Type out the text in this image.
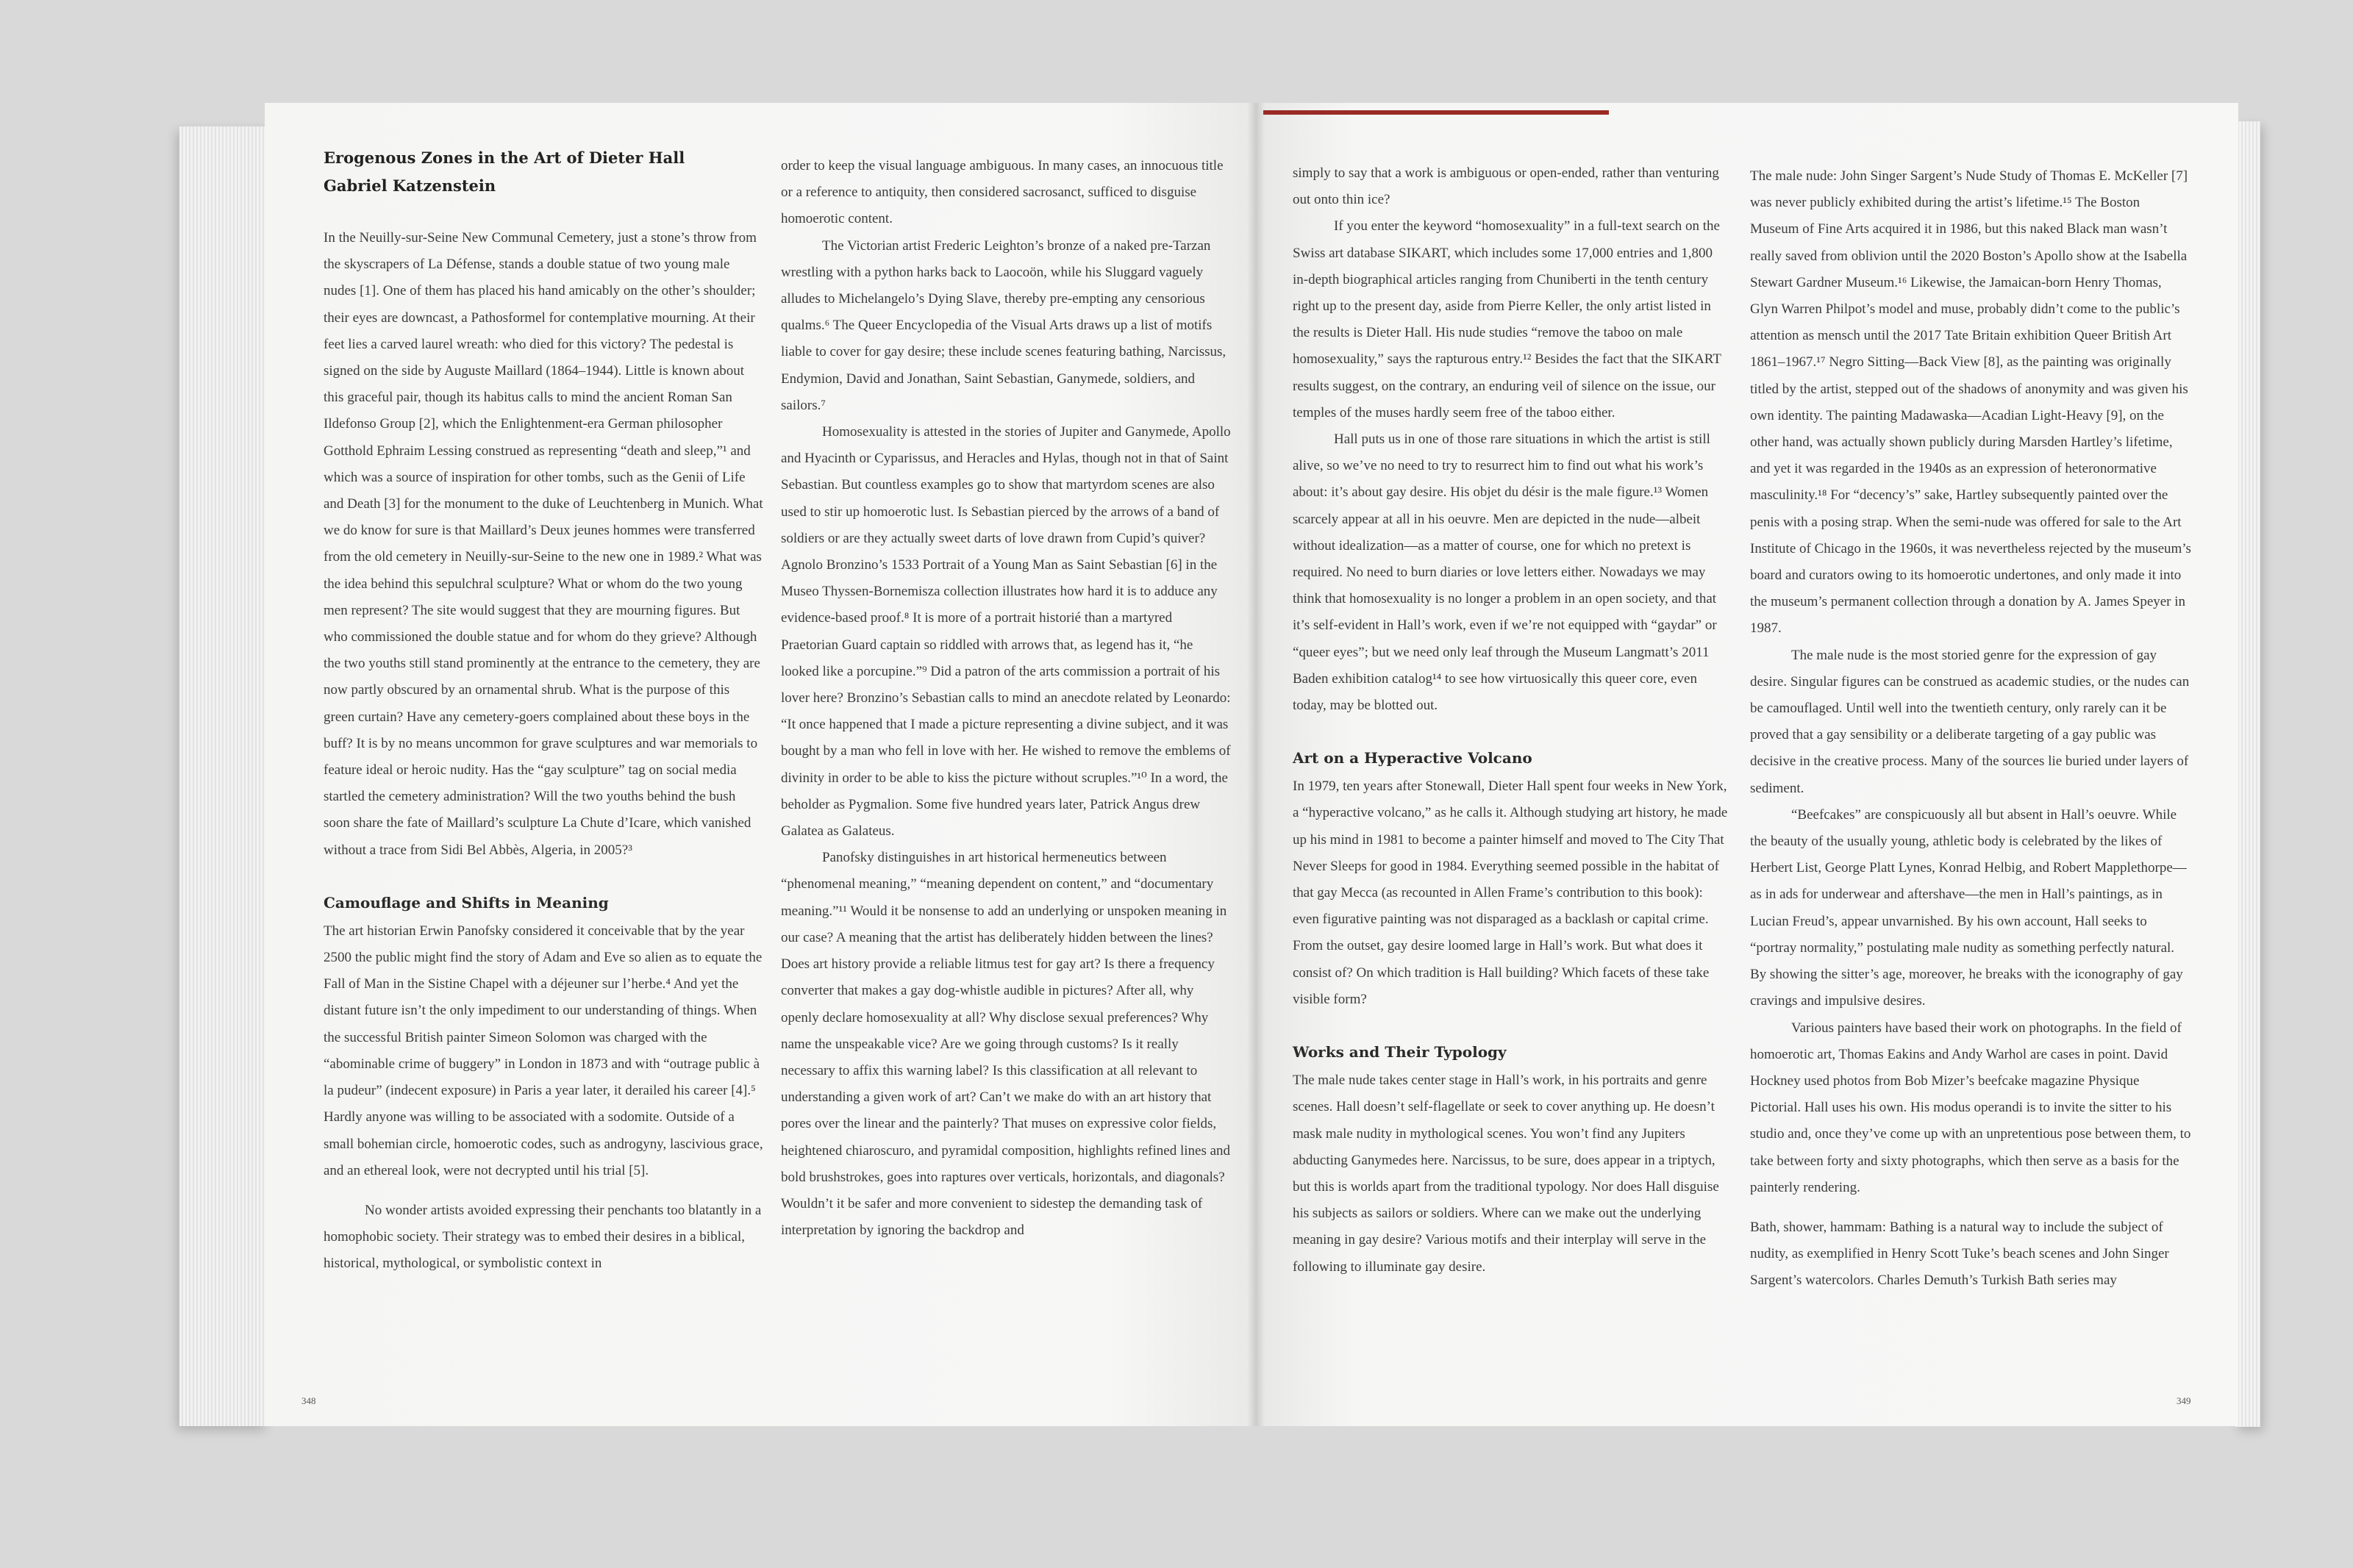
Erogenous Zones in the Art of Dieter Hall
Gabriel Katzenstein

In the Neuilly-sur-Seine New Communal Cemetery, just a stone’s throw from the skyscrapers of La Défense, stands a double statue of two young male nudes [1]. One of them has placed his hand amicably on the other’s shoulder; their eyes are downcast, a Pathosformel for contemplative mourning. At their feet lies a carved laurel wreath: who died for this victory? The pedestal is signed on the side by Auguste Maillard (1864–1944). Little is known about this graceful pair, though its habitus calls to mind the ancient Roman San Ildefonso Group [2], which the Enlightenment-era German philosopher Gotthold Ephraim Lessing construed as representing “death and sleep,”¹ and which was a source of inspiration for other tombs, such as the Genii of Life and Death [3] for the monument to the duke of Leuchtenberg in Munich. What we do know for sure is that Maillard’s Deux jeunes hommes were transferred from the old cemetery in Neuilly-sur-Seine to the new one in 1989.² What was the idea behind this sepulchral sculpture? What or whom do the two young men represent? The site would suggest that they are mourning figures. But who commissioned the double statue and for whom do they grieve? Although the two youths still stand prominently at the entrance to the cemetery, they are now partly obscured by an ornamental shrub. What is the purpose of this green curtain? Have any cemetery-goers complained about these boys in the buff? It is by no means uncommon for grave sculptures and war memorials to feature ideal or heroic nudity. Has the “gay sculpture” tag on social media startled the cemetery administration? Will the two youths behind the bush soon share the fate of Maillard’s sculpture La Chute d’Icare, which vanished without a trace from Sidi Bel Abbès, Algeria, in 2005?³

Camouflage and Shifts in Meaning

The art historian Erwin Panofsky considered it conceivable that by the year 2500 the public might find the story of Adam and Eve so alien as to equate the Fall of Man in the Sistine Chapel with a déjeuner sur l’herbe.⁴ And yet the distant future isn’t the only impediment to our understanding of things. When the successful British painter Simeon Solomon was charged with the “abominable crime of buggery” in London in 1873 and with “outrage public à la pudeur” (indecent exposure) in Paris a year later, it derailed his career [4].⁵ Hardly anyone was willing to be associated with a sodomite. Outside of a small bohemian circle, homoerotic codes, such as androgyny, lascivious grace, and an ethereal look, were not decrypted until his trial [5].

No wonder artists avoided expressing their penchants too blatantly in a homophobic society. Their strategy was to embed their desires in a biblical, historical, mythological, or symbolistic context in

order to keep the visual language ambiguous. In many cases, an innocuous title or a reference to antiquity, then considered sacrosanct, sufficed to disguise homoerotic content.

The Victorian artist Frederic Leighton’s bronze of a naked pre-Tarzan wrestling with a python harks back to Laocoön, while his Sluggard vaguely alludes to Michelangelo’s Dying Slave, thereby pre-empting any censorious qualms.⁶ The Queer Encyclopedia of the Visual Arts draws up a list of motifs liable to cover for gay desire; these include scenes featuring bathing, Narcissus, Endymion, David and Jonathan, Saint Sebastian, Ganymede, soldiers, and sailors.⁷

Homosexuality is attested in the stories of Jupiter and Ganymede, Apollo and Hyacinth or Cyparissus, and Heracles and Hylas, though not in that of Saint Sebastian. But countless examples go to show that martyrdom scenes are also used to stir up homoerotic lust. Is Sebastian pierced by the arrows of a band of soldiers or are they actually sweet darts of love drawn from Cupid’s quiver? Agnolo Bronzino’s 1533 Portrait of a Young Man as Saint Sebastian [6] in the Museo Thyssen-Bornemisza collection illustrates how hard it is to adduce any evidence-based proof.⁸ It is more of a portrait historié than a martyred Praetorian Guard captain so riddled with arrows that, as legend has it, “he looked like a porcupine.”⁹ Did a patron of the arts commission a portrait of his lover here? Bronzino’s Sebastian calls to mind an anecdote related by Leonardo: “It once happened that I made a picture representing a divine subject, and it was bought by a man who fell in love with her. He wished to remove the emblems of divinity in order to be able to kiss the picture without scruples.”¹⁰ In a word, the beholder as Pygmalion. Some five hundred years later, Patrick Angus drew Galatea as Galateus.

Panofsky distinguishes in art historical hermeneutics between “phenomenal meaning,” “meaning dependent on content,” and “documentary meaning.”¹¹ Would it be nonsense to add an underlying or unspoken meaning in our case? A meaning that the artist has deliberately hidden between the lines? Does art history provide a reliable litmus test for gay art? Is there a frequency converter that makes a gay dog-whistle audible in pictures? After all, why openly declare homosexuality at all? Why disclose sexual preferences? Why name the unspeakable vice? Are we going through customs? Is it really necessary to affix this warning label? Is this classification at all relevant to understanding a given work of art? Can’t we make do with an art history that pores over the linear and the painterly? That muses on expressive color fields, heightened chiaroscuro, and pyramidal composition, highlights refined lines and bold brushstrokes, goes into raptures over verticals, horizontals, and diagonals? Wouldn’t it be safer and more convenient to sidestep the demanding task of interpretation by ignoring the backdrop and

348

simply to say that a work is ambiguous or open-ended, rather than venturing out onto thin ice?

If you enter the keyword “homosexuality” in a full-text search on the Swiss art database SIKART, which includes some 17,000 entries and 1,800 in-depth biographical articles ranging from Chuniberti in the tenth century right up to the present day, aside from Pierre Keller, the only artist listed in the results is Dieter Hall. His nude studies “remove the taboo on male homosexuality,” says the rapturous entry.¹² Besides the fact that the SIKART results suggest, on the contrary, an enduring veil of silence on the issue, our temples of the muses hardly seem free of the taboo either.

Hall puts us in one of those rare situations in which the artist is still alive, so we’ve no need to try to resurrect him to find out what his work’s about: it’s about gay desire. His objet du désir is the male figure.¹³ Women scarcely appear at all in his oeuvre. Men are depicted in the nude—albeit without idealization—as a matter of course, one for which no pretext is required. No need to burn diaries or love letters either. Nowadays we may think that homosexuality is no longer a problem in an open society, and that it’s self-evident in Hall’s work, even if we’re not equipped with “gaydar” or “queer eyes”; but we need only leaf through the Museum Langmatt’s 2011 Baden exhibition catalog¹⁴ to see how virtuosically this queer core, even today, may be blotted out.

Art on a Hyperactive Volcano

In 1979, ten years after Stonewall, Dieter Hall spent four weeks in New York, a “hyperactive volcano,” as he calls it. Although studying art history, he made up his mind in 1981 to become a painter himself and moved to The City That Never Sleeps for good in 1984. Everything seemed possible in the habitat of that gay Mecca (as recounted in Allen Frame’s contribution to this book): even figurative painting was not disparaged as a backlash or capital crime. From the outset, gay desire loomed large in Hall’s work. But what does it consist of? On which tradition is Hall building? Which facets of these take visible form?

Works and Their Typology

The male nude takes center stage in Hall’s work, in his portraits and genre scenes. Hall doesn’t self-flagellate or seek to cover anything up. He doesn’t mask male nudity in mythological scenes. You won’t find any Jupiters abducting Ganymedes here. Narcissus, to be sure, does appear in a triptych, but this is worlds apart from the traditional typology. Nor does Hall disguise his subjects as sailors or soldiers. Where can we make out the underlying meaning in gay desire? Various motifs and their interplay will serve in the following to illuminate gay desire.

The male nude: John Singer Sargent’s Nude Study of Thomas E. McKeller [7] was never publicly exhibited during the artist’s lifetime.¹⁵ The Boston Museum of Fine Arts acquired it in 1986, but this naked Black man wasn’t really saved from oblivion until the 2020 Boston’s Apollo show at the Isabella Stewart Gardner Museum.¹⁶ Likewise, the Jamaican-born Henry Thomas, Glyn Warren Philpot’s model and muse, probably didn’t come to the public’s attention as mensch until the 2017 Tate Britain exhibition Queer British Art 1861–1967.¹⁷ Negro Sitting—Back View [8], as the painting was originally titled by the artist, stepped out of the shadows of anonymity and was given his own identity. The painting Madawaska—Acadian Light-Heavy [9], on the other hand, was actually shown publicly during Marsden Hartley’s lifetime, and yet it was regarded in the 1940s as an expression of heteronormative masculinity.¹⁸ For “decency’s” sake, Hartley subsequently painted over the penis with a posing strap. When the semi-nude was offered for sale to the Art Institute of Chicago in the 1960s, it was nevertheless rejected by the museum’s board and curators owing to its homoerotic undertones, and only made it into the museum’s permanent collection through a donation by A. James Speyer in 1987.

The male nude is the most storied genre for the expression of gay desire. Singular figures can be construed as academic studies, or the nudes can be camouflaged. Until well into the twentieth century, only rarely can it be proved that a gay sensibility or a deliberate targeting of a gay public was decisive in the creative process. Many of the sources lie buried under layers of sediment.

“Beefcakes” are conspicuously all but absent in Hall’s oeuvre. While the beauty of the usually young, athletic body is celebrated by the likes of Herbert List, George Platt Lynes, Konrad Helbig, and Robert Mapplethorpe—as in ads for underwear and aftershave—the men in Hall’s paintings, as in Lucian Freud’s, appear unvarnished. By his own account, Hall seeks to “portray normality,” postulating male nudity as something perfectly natural. By showing the sitter’s age, moreover, he breaks with the iconography of gay cravings and impulsive desires.

Various painters have based their work on photographs. In the field of homoerotic art, Thomas Eakins and Andy Warhol are cases in point. David Hockney used photos from Bob Mizer’s beefcake magazine Physique Pictorial. Hall uses his own. His modus operandi is to invite the sitter to his studio and, once they’ve come up with an unpretentious pose between them, to take between forty and sixty photographs, which then serve as a basis for the painterly rendering.

Bath, shower, hammam: Bathing is a natural way to include the subject of nudity, as exemplified in Henry Scott Tuke’s beach scenes and John Singer Sargent’s watercolors. Charles Demuth’s Turkish Bath series may

349
